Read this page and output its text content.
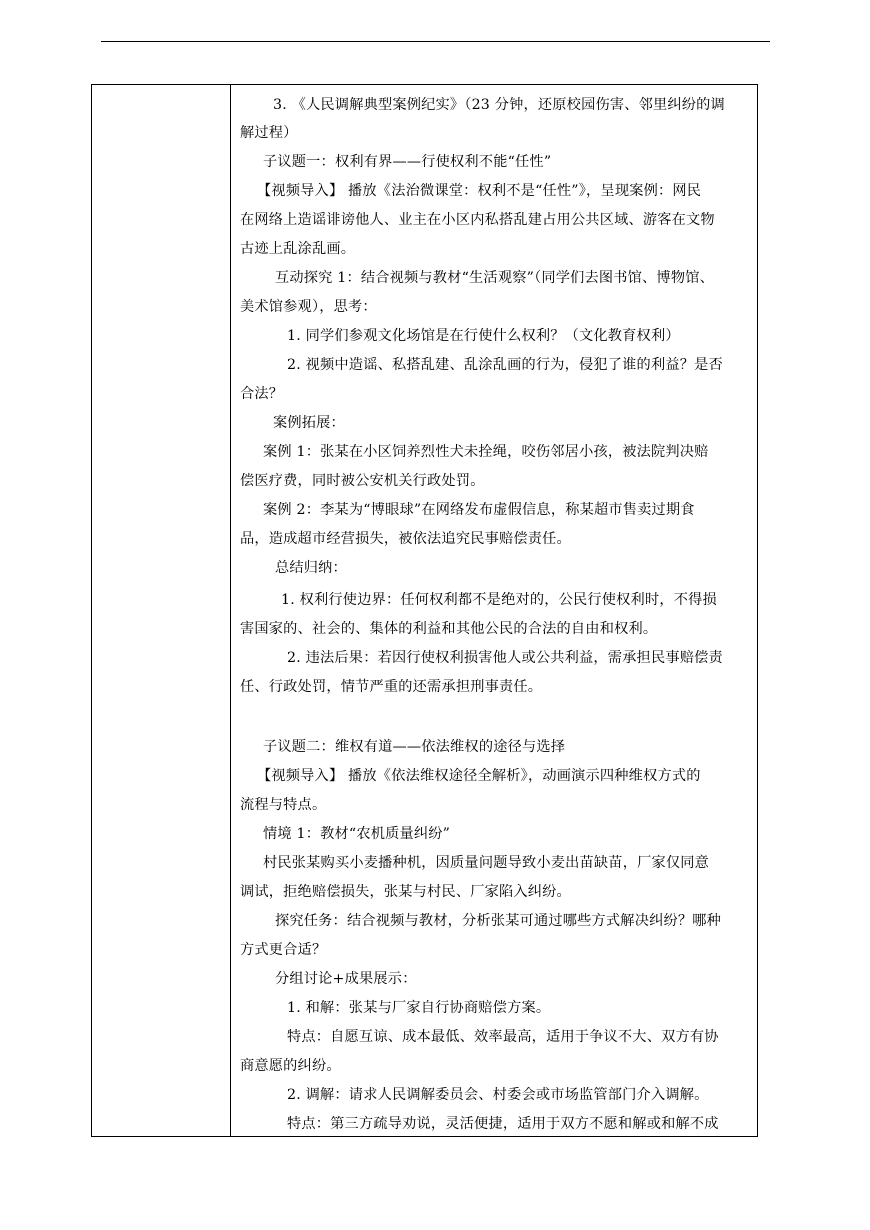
3. 《人民调解典型案例纪实》（23 分钟，还原校园伤害、邻里纠纷的调
解过程）
子议题一：权利有界——行使权利不能“任性”
【视频导入】 播放《法治微课堂：权利不是“任性”》，呈现案例：网民
在网络上造谣诽谤他人、业主在小区内私搭乱建占用公共区域、游客在文物
古迹上乱涂乱画。
互动探究 1：结合视频与教材“生活观察”（同学们去图书馆、博物馆、
美术馆参观），思考：
1. 同学们参观文化场馆是在行使什么权利？（文化教育权利）
2. 视频中造谣、私搭乱建、乱涂乱画的行为，侵犯了谁的利益？是否
合法？
案例拓展：
案例 1：张某在小区饲养烈性犬未拴绳，咬伤邻居小孩，被法院判决赔
偿医疗费，同时被公安机关行政处罚。
案例 2：李某为“博眼球”在网络发布虚假信息，称某超市售卖过期食
品，造成超市经营损失，被依法追究民事赔偿责任。
总结归纳：
1. 权利行使边界：任何权利都不是绝对的，公民行使权利时，不得损
害国家的、社会的、集体的利益和其他公民的合法的自由和权利。
2. 违法后果：若因行使权利损害他人或公共利益，需承担民事赔偿责
任、行政处罚，情节严重的还需承担刑事责任。
子议题二：维权有道——依法维权的途径与选择
【视频导入】 播放《依法维权途径全解析》，动画演示四种维权方式的
流程与特点。
情境 1：教材“农机质量纠纷”
村民张某购买小麦播种机，因质量问题导致小麦出苗缺苗，厂家仅同意
调试，拒绝赔偿损失，张某与村民、厂家陷入纠纷。
探究任务：结合视频与教材，分析张某可通过哪些方式解决纠纷？哪种
方式更合适？
分组讨论+成果展示：
1. 和解：张某与厂家自行协商赔偿方案。
特点：自愿互谅、成本最低、效率最高，适用于争议不大、双方有协
商意愿的纠纷。
2. 调解：请求人民调解委员会、村委会或市场监管部门介入调解。
特点：第三方疏导劝说，灵活便捷，适用于双方不愿和解或和解不成
